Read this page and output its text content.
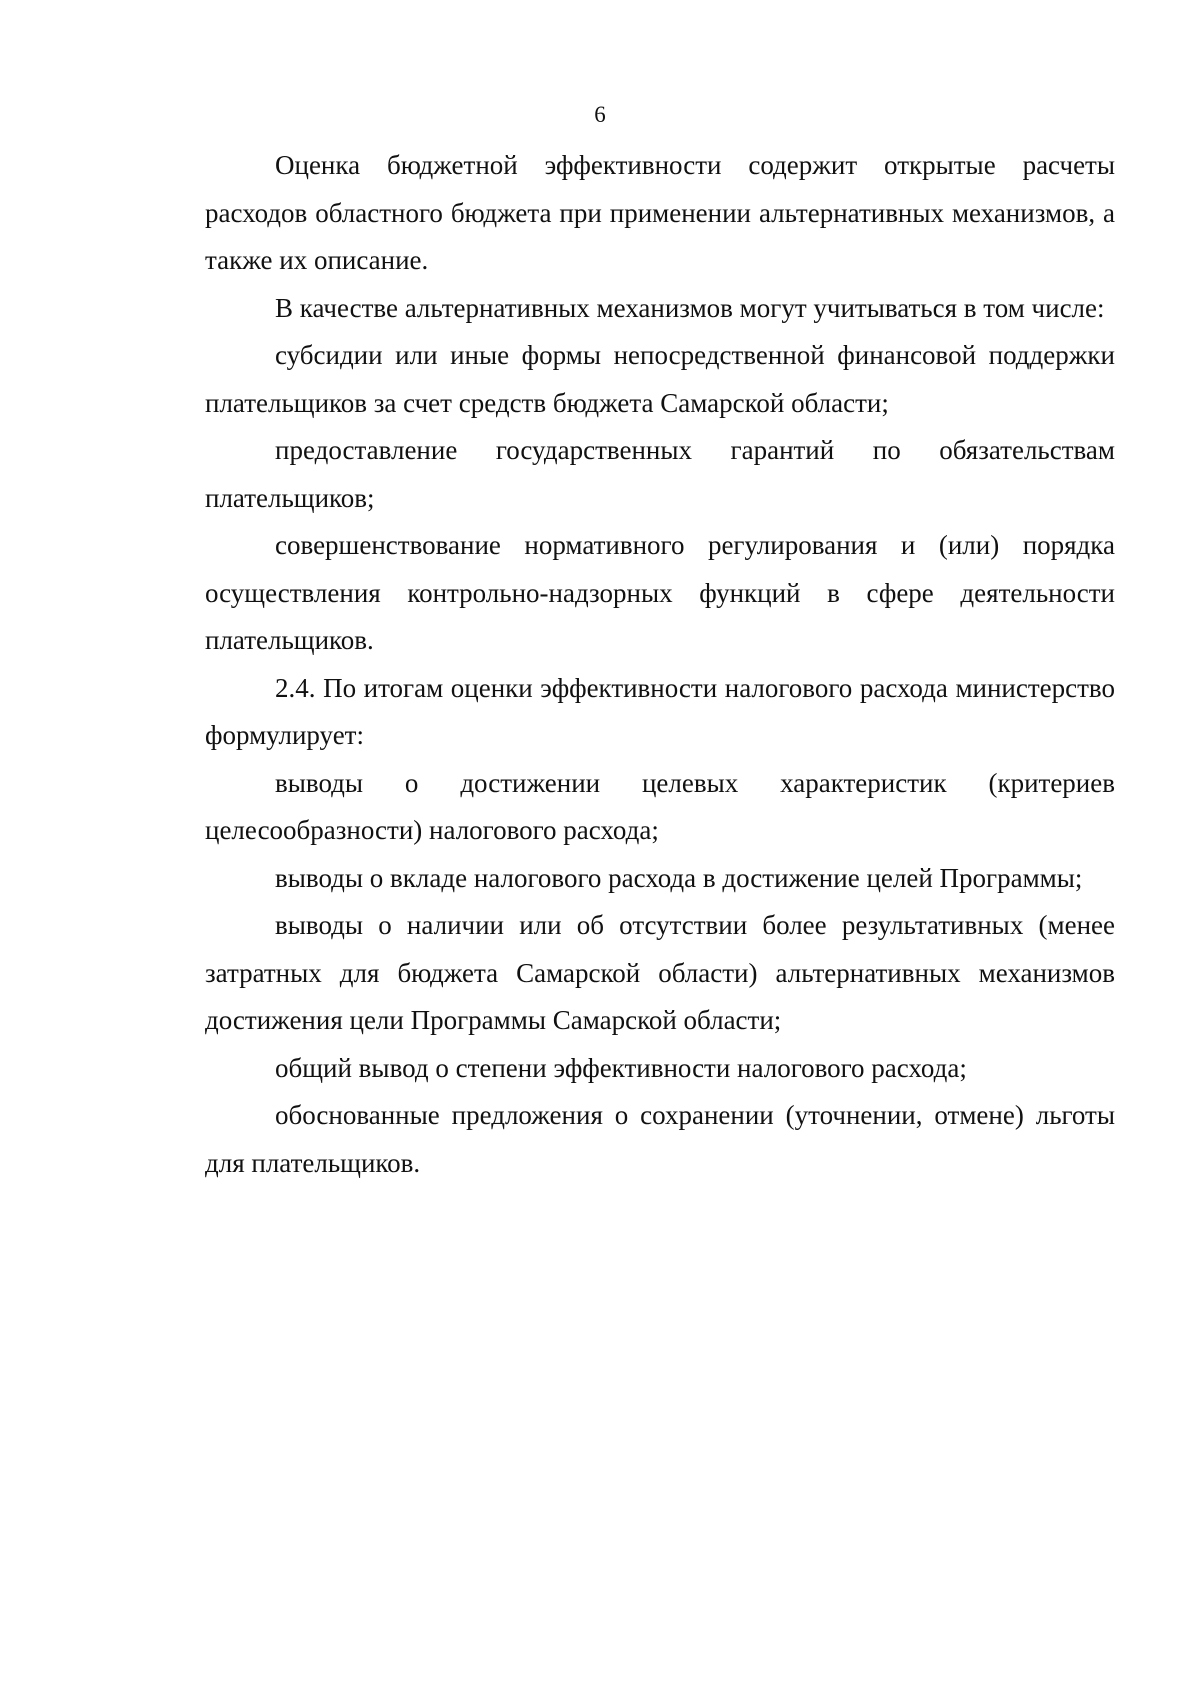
6

Оценка бюджетной эффективности содержит открытые расчеты расходов областного бюджета при применении альтернативных механизмов, а также их описание.

В качестве альтернативных механизмов могут учитываться в том числе:

субсидии или иные формы непосредственной финансовой поддержки плательщиков за счет средств бюджета Самарской области;

предоставление государственных гарантий по обязательствам плательщиков;

совершенствование нормативного регулирования и (или) порядка осуществления контрольно-надзорных функций в сфере деятельности плательщиков.

2.4. По итогам оценки эффективности налогового расхода министерство формулирует:

выводы о достижении целевых характеристик (критериев целесообразности) налогового расхода;

выводы о вкладе налогового расхода в достижение целей Программы;

выводы о наличии или об отсутствии более результативных (менее затратных для бюджета Самарской области) альтернативных механизмов достижения цели Программы Самарской области;

общий вывод о степени эффективности налогового расхода;

обоснованные предложения о сохранении (уточнении, отмене) льготы для плательщиков.
